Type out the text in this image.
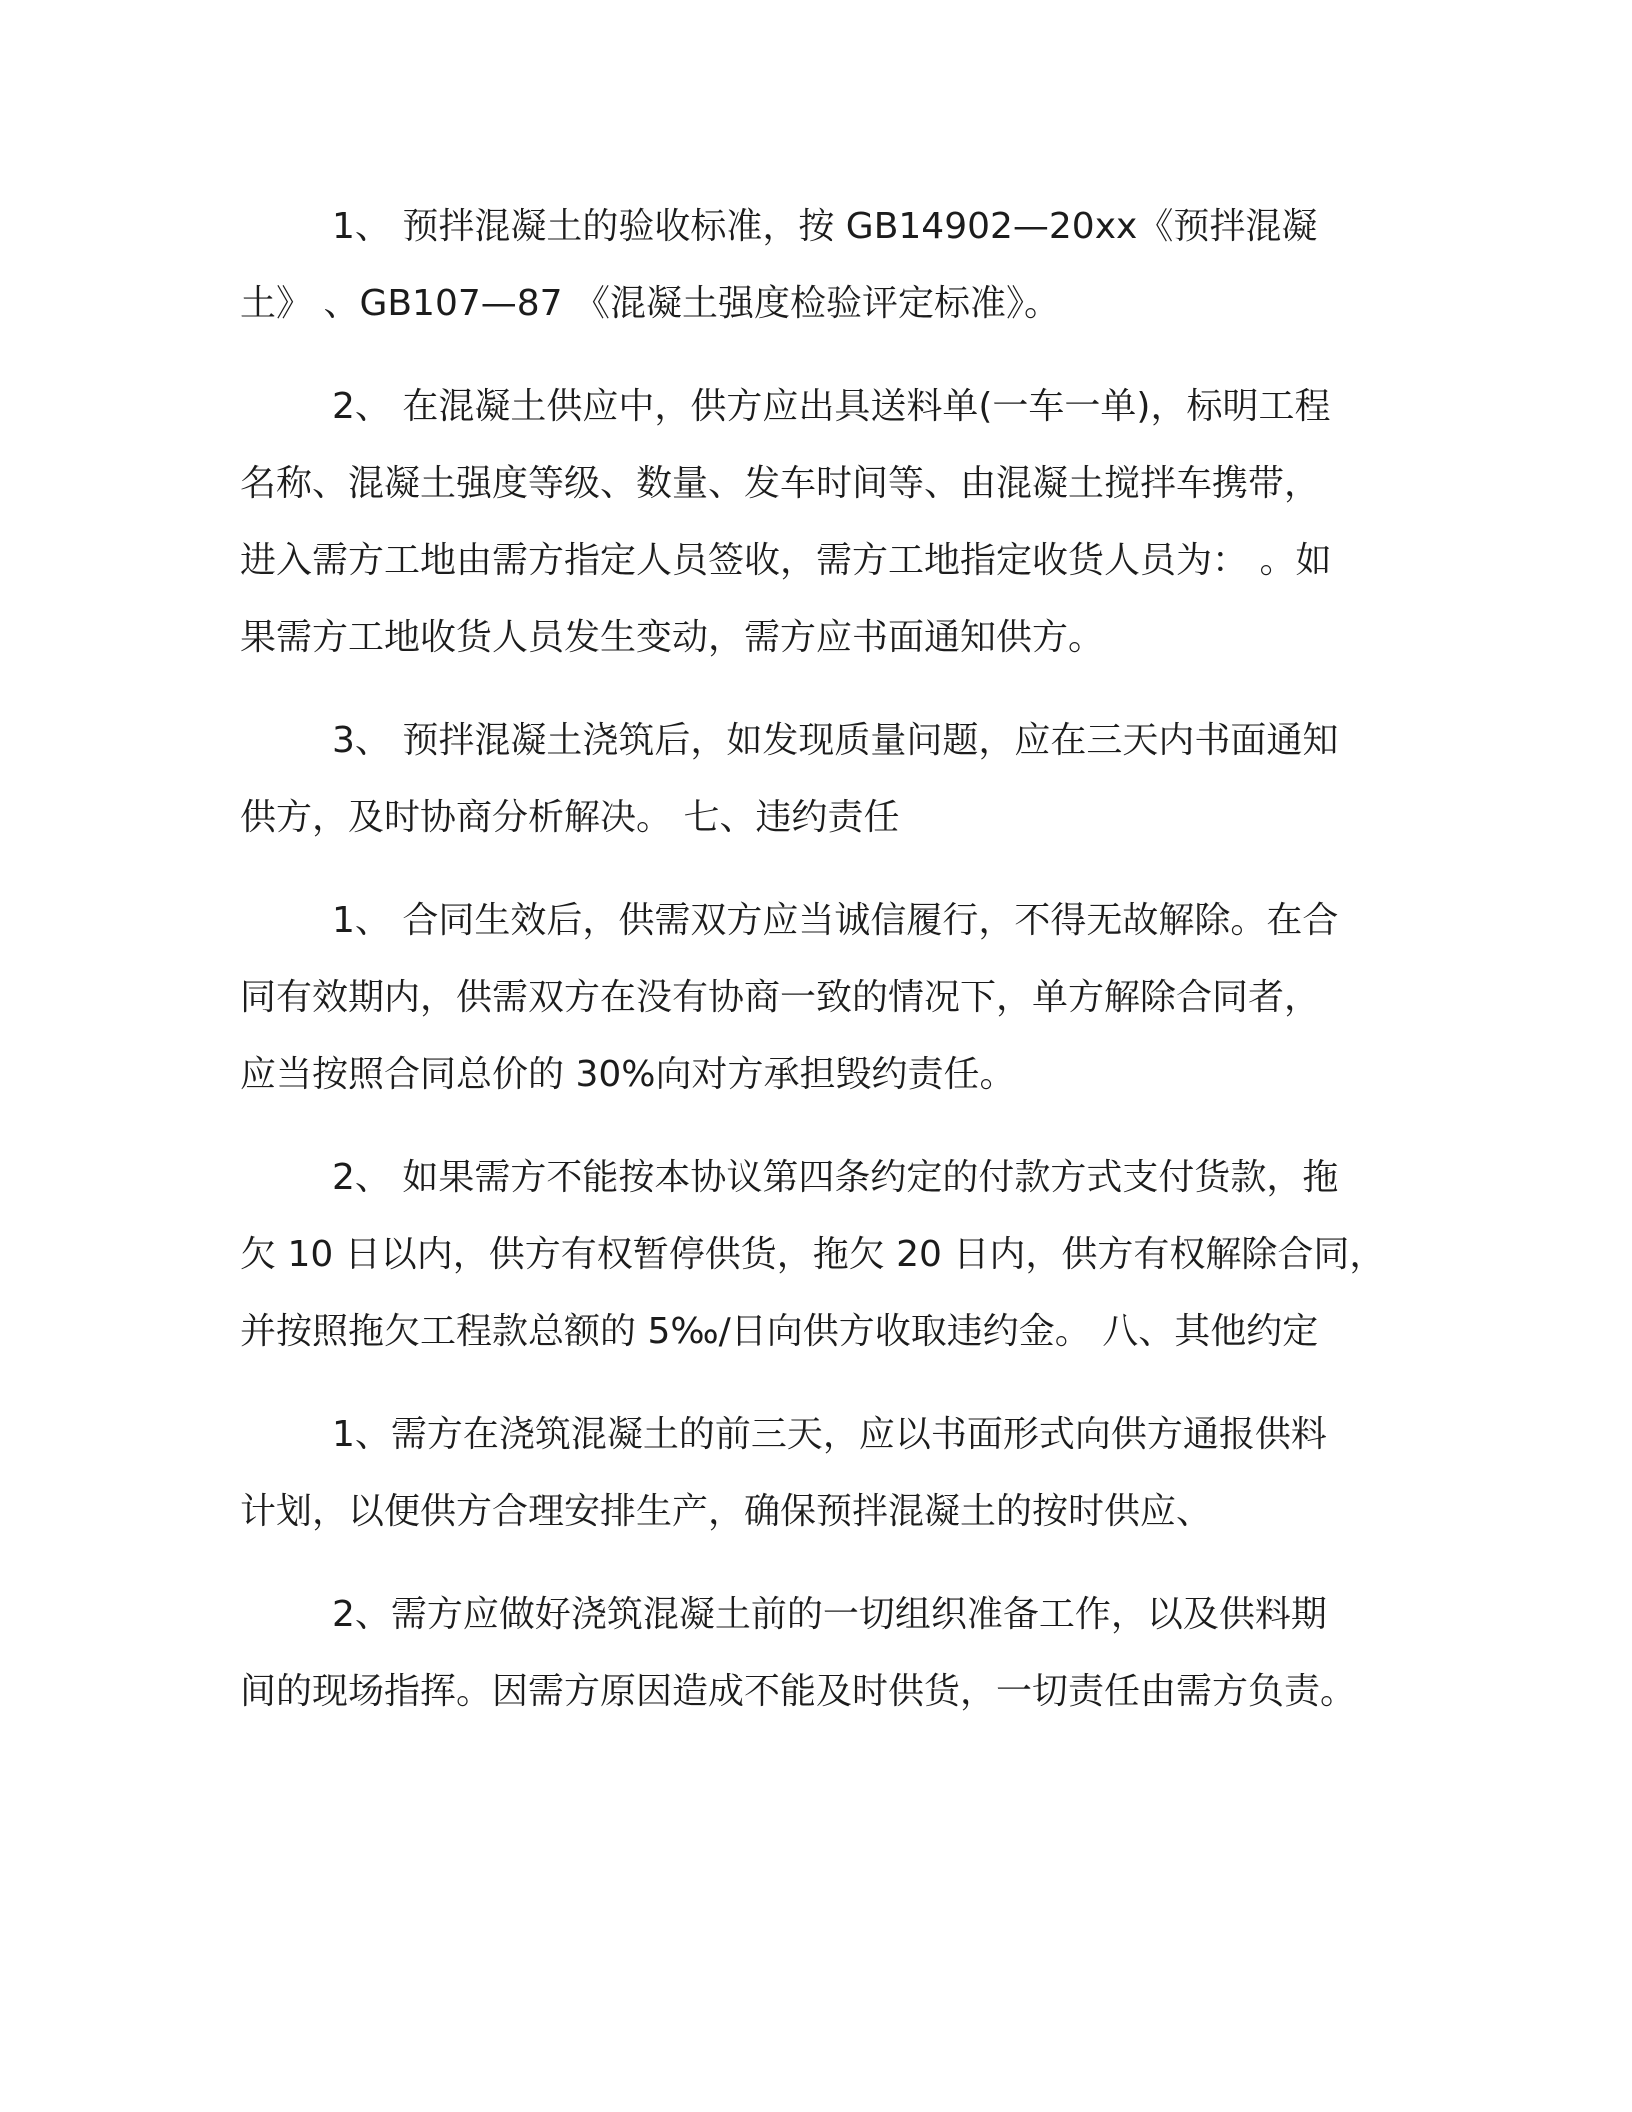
1、 预拌混凝土的验收标准，按 GB14902—20xx《预拌混凝
土》 、GB107—87 《混凝土强度检验评定标准》。
2、 在混凝土供应中，供方应出具送料单(一车一单)，标明工程
名称、混凝土强度等级、数量、发车时间等、由混凝土搅拌车携带，
进入需方工地由需方指定人员签收，需方工地指定收货人员为： 。如
果需方工地收货人员发生变动，需方应书面通知供方。
3、 预拌混凝土浇筑后，如发现质量问题，应在三天内书面通知
供方，及时协商分析解决。 七、违约责任
1、 合同生效后，供需双方应当诚信履行，不得无故解除。在合
同有效期内，供需双方在没有协商一致的情况下，单方解除合同者，
应当按照合同总价的 30%向对方承担毁约责任。
2、 如果需方不能按本协议第四条约定的付款方式支付货款，拖
欠 10 日以内，供方有权暂停供货，拖欠 20 日内，供方有权解除合同，
并按照拖欠工程款总额的 5‰/日向供方收取违约金。 八、其他约定
1、需方在浇筑混凝土的前三天，应以书面形式向供方通报供料
计划，以便供方合理安排生产，确保预拌混凝土的按时供应、
2、需方应做好浇筑混凝土前的一切组织准备工作，以及供料期
间的现场指挥。因需方原因造成不能及时供货，一切责任由需方负责。
